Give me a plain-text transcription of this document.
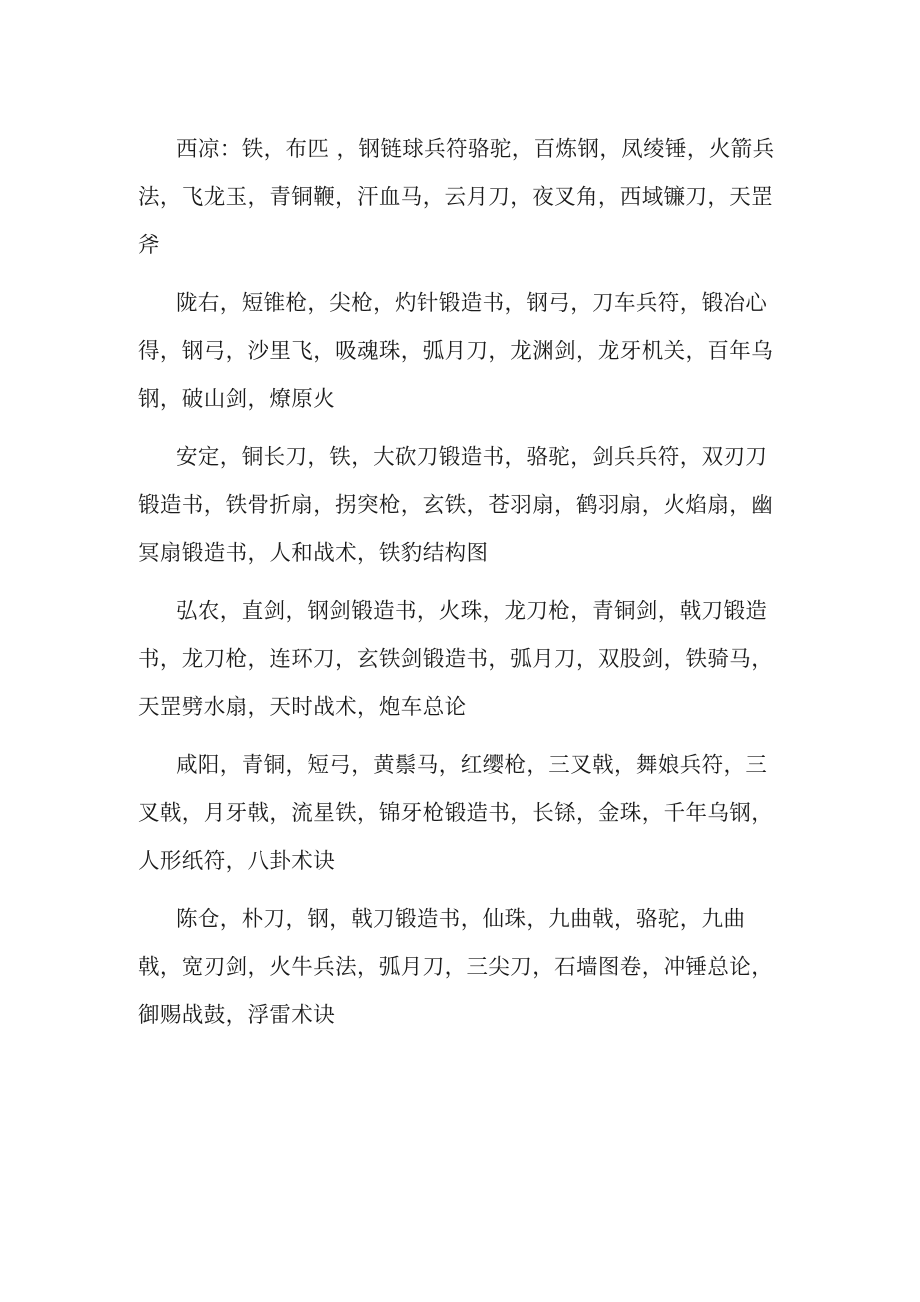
西凉：铁，布匹 ，钢链球兵符骆驼，百炼钢，凤绫锤，火箭兵法，飞龙玉，青铜鞭，汗血马，云月刀，夜叉角，西域镰刀，天罡斧

陇右，短锥枪，尖枪，灼针锻造书，钢弓，刀车兵符，锻冶心得，钢弓，沙里飞，吸魂珠，弧月刀，龙渊剑，龙牙机关，百年乌钢，破山剑，燎原火

安定，铜长刀，铁，大砍刀锻造书，骆驼，剑兵兵符，双刃刀锻造书，铁骨折扇，拐突枪，玄铁，苍羽扇，鹤羽扇，火焰扇，幽冥扇锻造书，人和战术，铁豹结构图

弘农，直剑，钢剑锻造书，火珠，龙刀枪，青铜剑，戟刀锻造书，龙刀枪，连环刀，玄铁剑锻造书，弧月刀，双股剑，铁骑马，天罡劈水扇，天时战术，炮车总论

咸阳，青铜，短弓，黄鬃马，红缨枪，三叉戟，舞娘兵符，三叉戟，月牙戟，流星铁，锦牙枪锻造书，长铩，金珠，千年乌钢，人形纸符，八卦术诀

陈仓，朴刀，钢，戟刀锻造书，仙珠，九曲戟，骆驼，九曲戟，宽刃剑，火牛兵法，弧月刀，三尖刀，石墙图卷，冲锤总论，御赐战鼓，浮雷术诀
